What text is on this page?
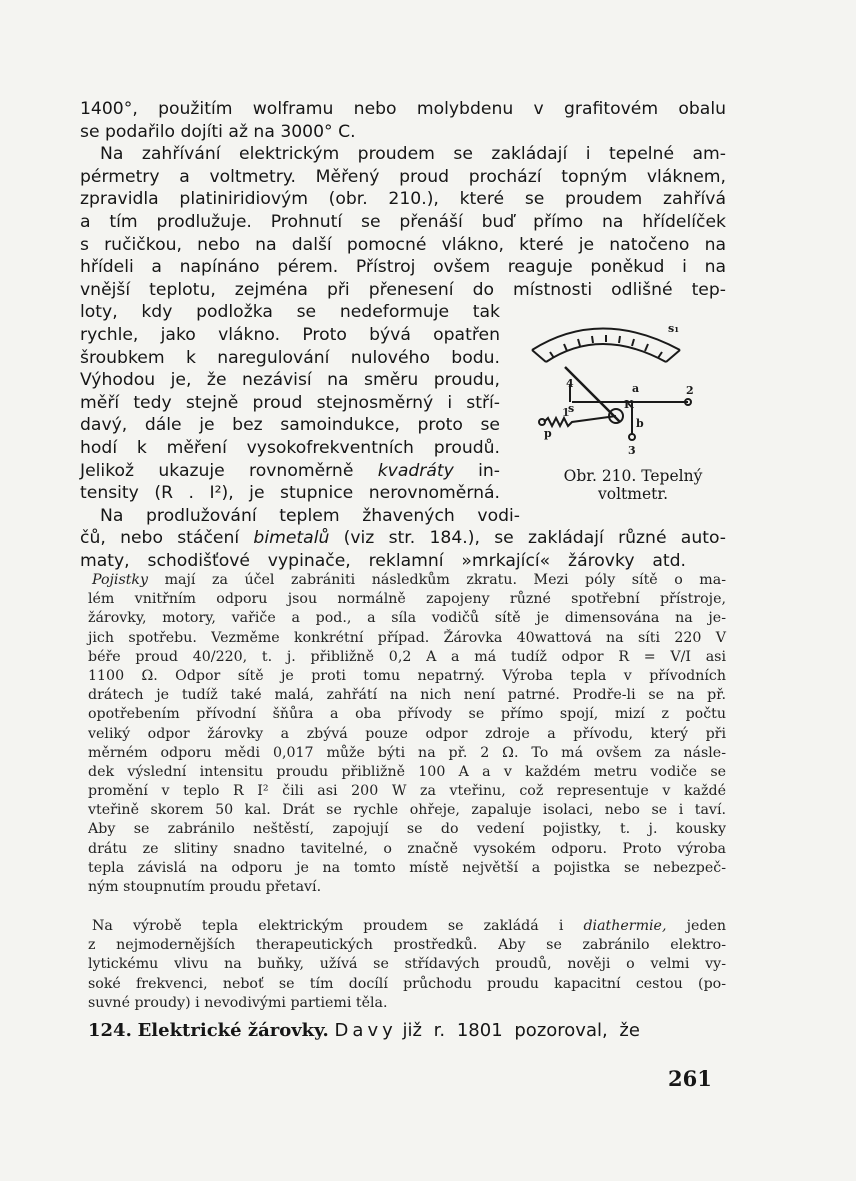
1400°, použitím wolframu nebo molybdenu v grafitovém obalu
se podařilo dojíti až na 3000° C.
Na zahřívání elektrickým proudem se zakládají i tepelné am-
pérmetry a voltmetry. Měřený proud prochází topným vláknem,
zpravidla platiniridiovým (obr. 210.), které se proudem zahřívá
a tím prodlužuje. Prohnutí se přenáší buď přímo na hřídelíček
s ručičkou, nebo na další pomocné vlákno, které je natočeno na
hřídeli a napínáno pérem. Přístroj ovšem reaguje poněkud i na
vnější teplotu, zejména při přenesení do místnosti odlišné tep-
loty, kdy podložka se nedeformuje tak
rychle, jako vlákno. Proto bývá opatřen
šroubkem k naregulování nulového bodu.
Výhodou je, že nezávisí na směru proudu,
měří tedy stejně proud stejnosměrný i stří-
davý, dále je bez samoindukce, proto se
hodí k měření vysokofrekventních proudů.
Jelikož ukazuje rovnoměrně kvadráty in-
tensity (R . I²), je stupnice nerovnoměrná.
Na prodlužování teplem žhavených vodi-
čů, nebo stáčení bimetalů (viz str. 184.), se zakládají různé auto-
maty, schodišťové vypinače, reklamní »mrkající« žárovky atd.
s₁
a
4
2
s	K
p
b
3
1
Obr. 210. Tepelný
voltmetr.
Pojistky mají za účel zabrániti následkům zkratu. Mezi póly sítě o ma-
lém vnitřním odporu jsou normálně zapojeny různé spotřební přístroje,
žárovky, motory, vařiče a pod., a síla vodičů sítě je dimensována na je-
jich spotřebu. Vezměme konkrétní případ. Žárovka 40wattová na síti 220 V
béře proud 40/220, t. j. přibližně 0,2 A a má tudíž odpor R = V/I asi
1100 Ω. Odpor sítě je proti tomu nepatrný. Výroba tepla v přívodních
drátech je tudíž také malá, zahřátí na nich není patrné. Prodře-li se na př.
opotřebením přívodní šňůra a oba přívody se přímo spojí, mizí z počtu
veliký odpor žárovky a zbývá pouze odpor zdroje a přívodu, který při
měrném odporu mědi 0,017 může býti na př. 2 Ω. To má ovšem za násle-
dek výslední intensitu proudu přibližně 100 A a v každém metru vodiče se
promění v teplo R I² čili asi 200 W za vteřinu, což representuje v každé
vteřině skorem 50 kal. Drát se rychle ohřeje, zapaluje isolaci, nebo se i taví.
Aby se zabránilo neštěstí, zapojují se do vedení pojistky, t. j. kousky
drátu ze slitiny snadno tavitelné, o značně vysokém odporu. Proto výroba
tepla závislá na odporu je na tomto místě největší a pojistka se nebezpeč-
ným stoupnutím proudu přetaví.
Na výrobě tepla elektrickým proudem se zakládá i diathermie, jeden
z nejmodernějších therapeutických prostředků. Aby se zabránilo elektro-
lytickému vlivu na buňky, užívá se střídavých proudů, nověji o velmi vy-
soké frekvenci, neboť se tím docílí průchodu proudu kapacitní cestou (po-
suvné proudy) i nevodivými partiemi těla.
124. Elektrické žárovky. Davy již r. 1801 pozoroval, že
261
